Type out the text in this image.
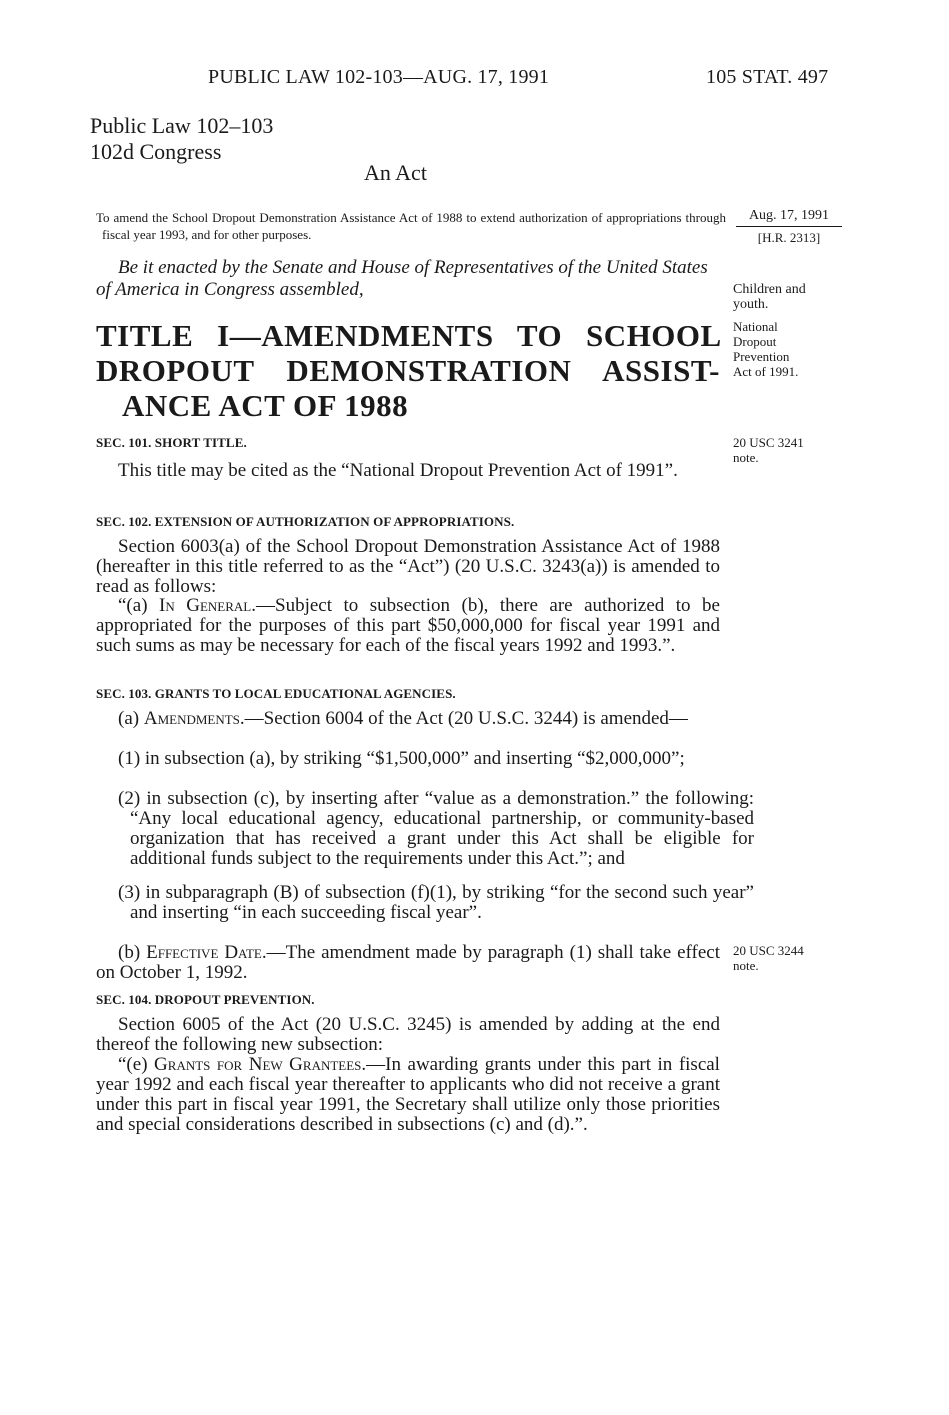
PUBLIC LAW 102-103—AUG. 17, 1991	105 STAT. 497
Public Law 102–103
102d Congress
An Act
To amend the School Dropout Demonstration Assistance Act of 1988 to extend authorization of appropriations through fiscal year 1993, and for other purposes.
Aug. 17, 1991
[H.R. 2313]
Be it enacted by the Senate and House of Representatives of the United States of America in Congress assembled,	Children and
youth.
National
Dropout
Prevention
Act of 1991.
TITLE I—AMENDMENTS TO SCHOOL DROPOUT DEMONSTRATION ASSIST-
ANCE ACT OF 1988
SEC. 101. SHORT TITLE.	20 USC 3241
note.
This title may be cited as the “National Dropout Prevention Act of 1991”.
SEC. 102. EXTENSION OF AUTHORIZATION OF APPROPRIATIONS.
Section 6003(a) of the School Dropout Demonstration Assistance Act of 1988 (hereafter in this title referred to as the “Act”) (20 U.S.C. 3243(a)) is amended to read as follows:
“(a) In General.—Subject to subsection (b), there are authorized to be appropriated for the purposes of this part $50,000,000 for fiscal year 1991 and such sums as may be necessary for each of the fiscal years 1992 and 1993.”.
SEC. 103. GRANTS TO LOCAL EDUCATIONAL AGENCIES.
(a) Amendments.—Section 6004 of the Act (20 U.S.C. 3244) is amended—
(1) in subsection (a), by striking “$1,500,000” and inserting “$2,000,000”;
(2) in subsection (c), by inserting after “value as a demonstration.” the following: “Any local educational agency, educational partnership, or community-based organization that has received a grant under this Act shall be eligible for additional funds subject to the requirements under this Act.”; and
(3) in subparagraph (B) of subsection (f)(1), by striking “for the second such year” and inserting “in each succeeding fiscal year”.
(b) Effective Date.—The amendment made by paragraph (1) shall take effect on October 1, 1992.
20 USC 3244
note.
SEC. 104. DROPOUT PREVENTION.
Section 6005 of the Act (20 U.S.C. 3245) is amended by adding at the end thereof the following new subsection:
“(e) Grants for New Grantees.—In awarding grants under this part in fiscal year 1992 and each fiscal year thereafter to applicants who did not receive a grant under this part in fiscal year 1991, the Secretary shall utilize only those priorities and special considerations described in subsections (c) and (d).”.
